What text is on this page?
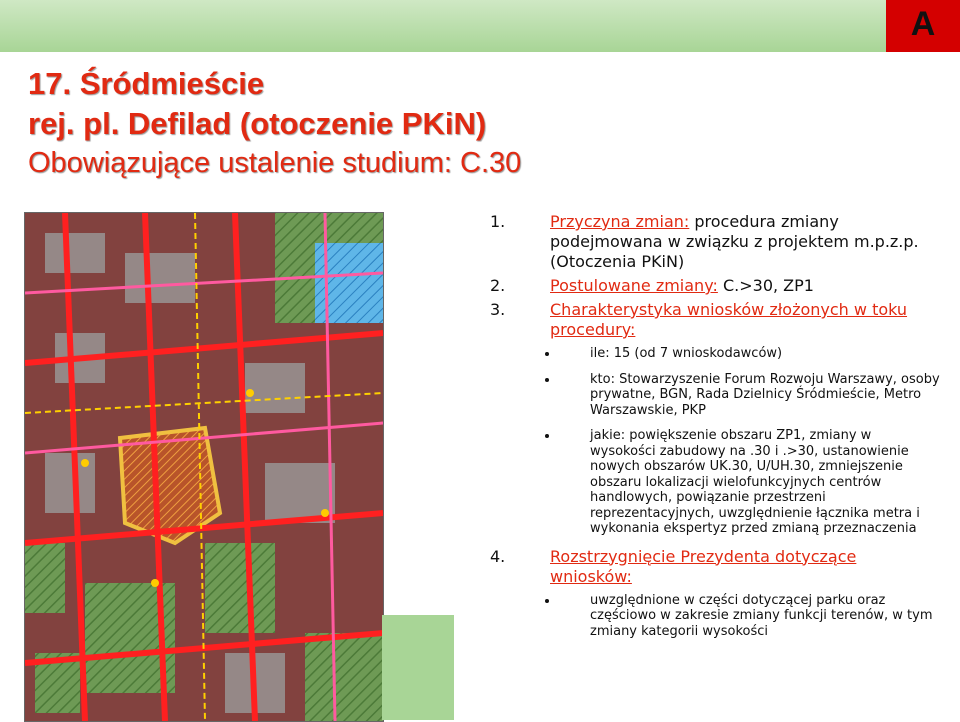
A
17. Śródmieście
rej. pl. Defilad (otoczenie PKiN)
Obowiązujące ustalenie studium: C.30
1.	Przyczyna zmian: procedura zmiany podejmowana w związku z projektem m.p.z.p. (Otoczenia PKiN)
2.	Postulowane zmiany: C.>30, ZP1
3.	Charakterystyka wniosków złożonych w toku procedury:
ile: 15 (od 7 wnioskodawców)
kto: Stowarzyszenie Forum Rozwoju Warszawy, osoby prywatne, BGN, Rada Dzielnicy Śródmieście, Metro Warszawskie, PKP
jakie: powiększenie obszaru ZP1, zmiany w wysokości zabudowy na .30 i .>30, ustanowienie nowych obszarów UK.30, U/UH.30, zmniejszenie obszaru lokalizacji wielofunkcyjnych centrów handlowych, powiązanie przestrzeni reprezentacyjnych, uwzględnienie łącznika metra i wykonania ekspertyz przed zmianą przeznaczenia
4.	Rozstrzygnięcie Prezydenta dotyczące wniosków:
uwzględnione w części dotyczącej parku oraz częściowo w zakresie zmiany funkcji terenów, w tym zmiany kategorii wysokości
